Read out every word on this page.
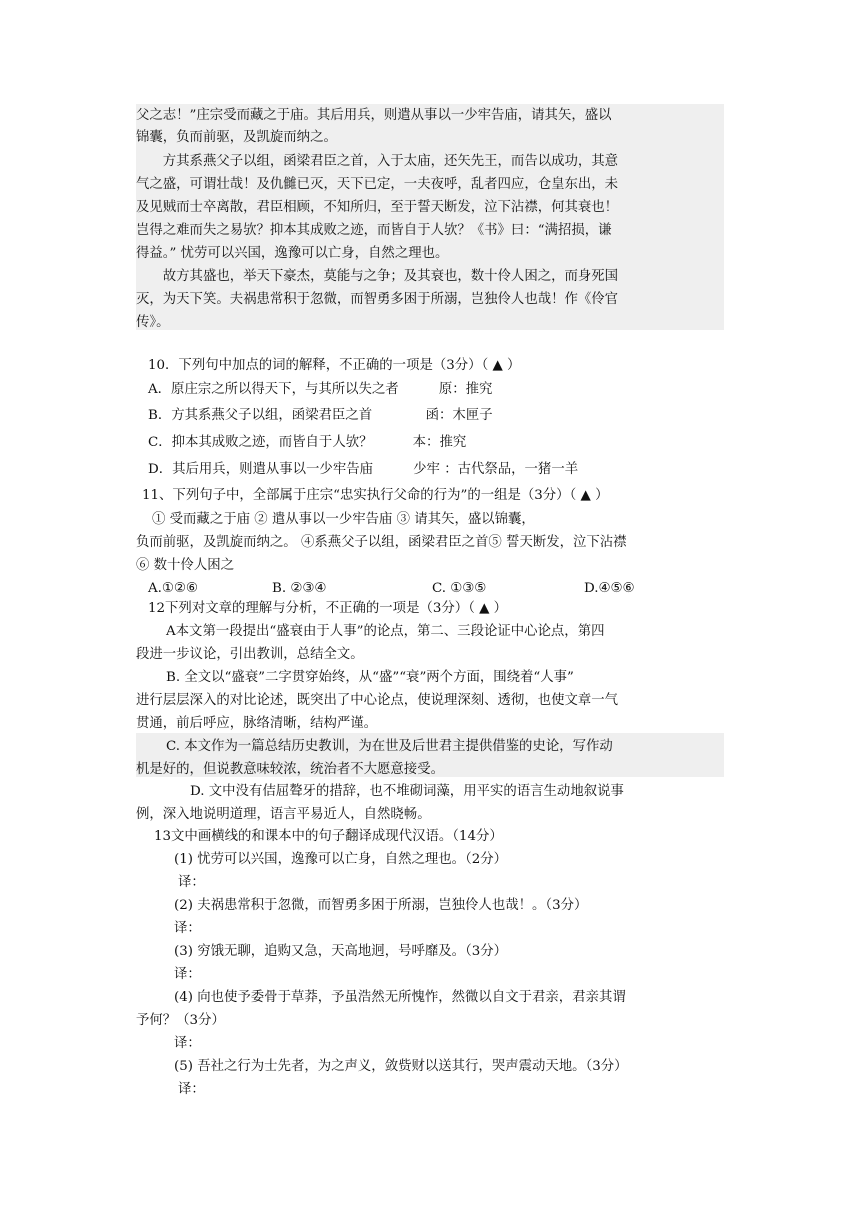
父之志！”庄宗受而藏之于庙。其后用兵，则遣从事以一少牢告庙，请其矢，盛以
锦囊，负而前驱，及凯旋而纳之。
　　方其系燕父子以组，函梁君臣之首，入于太庙，还矢先王，而告以成功，其意
气之盛，可谓壮哉！及仇雠已灭，天下已定，一夫夜呼，乱者四应，仓皇东出，未
及见贼而士卒离散，君臣相顾，不知所归，至于誓天断发，泣下沾襟，何其衰也！
岂得之难而失之易欤？抑本其成败之迹，而皆自于人欤？《书》曰：“满招损，谦
得益。” 忧劳可以兴国，逸豫可以亡身，自然之理也。
　　故方其盛也，举天下豪杰，莫能与之争；及其衰也，数十伶人困之，而身死国
灭，为天下笑。夫祸患常积于忽微，而智勇多困于所溺，岂独伶人也哉！作《伶官
传》。
10．下列句中加点的词的解释，不正确的一项是（3分）（ ▲ ）
A．原庄宗之所以得天下，与其所以失之者　　　原：推究
B．方其系燕父子以组，函梁君臣之首　　　　函：木匣子
C．抑本其成败之迹，而皆自于人欤？　　　本：推究
D．其后用兵，则遣从事以一少牢告庙　　　少牢 ：古代祭品，一猪一羊
11、下列句子中，全部属于庄宗“忠实执行父命的行为”的一组是（3分）（ ▲ ）
① 受而藏之于庙 ② 遣从事以一少牢告庙 ③ 请其矢，盛以锦囊，
负而前驱，及凯旋而纳之。 ④系燕父子以组，函梁君臣之首⑤ 誓天断发，泣下沾襟
⑥ 数十伶人困之
A.①②⑥	B. ②③④	C. ①③⑤	D.④⑤⑥
12下列对文章的理解与分析，不正确的一项是（3分）（ ▲ ）
A本文第一段提出“盛衰由于人事”的论点，第二、三段论证中心论点，第四
段进一步议论，引出教训，总结全文。
B. 全文以“盛衰”二字贯穿始终，从“盛”“衰”两个方面，围绕着“人事”
进行层层深入的对比论述，既突出了中心论点，使说理深刻、透彻，也使文章一气
贯通，前后呼应，脉络清晰，结构严谨。
C. 本文作为一篇总结历史教训，为在世及后世君主提供借鉴的史论，写作动
机是好的，但说教意味较浓，统治者不大愿意接受。
D. 文中没有佶屈聱牙的措辞，也不堆砌词藻，用平实的语言生动地叙说事
例，深入地说明道理，语言平易近人，自然晓畅。
13文中画横线的和课本中的句子翻译成现代汉语。（14分）
(1) 忧劳可以兴国，逸豫可以亡身，自然之理也。（2分）
译：
(2) 夫祸患常积于忽微，而智勇多困于所溺，岂独伶人也哉！。（3分）
译：
(3) 穷饿无聊，追购又急，天高地迥，号呼靡及。（3分）
译：
(4) 向也使予委骨于草莽，予虽浩然无所愧怍，然微以自文于君亲，君亲其谓
予何？（3分）
译：
(5) 吾社之行为士先者，为之声义，敛赀财以送其行，哭声震动天地。（3分）
译：
